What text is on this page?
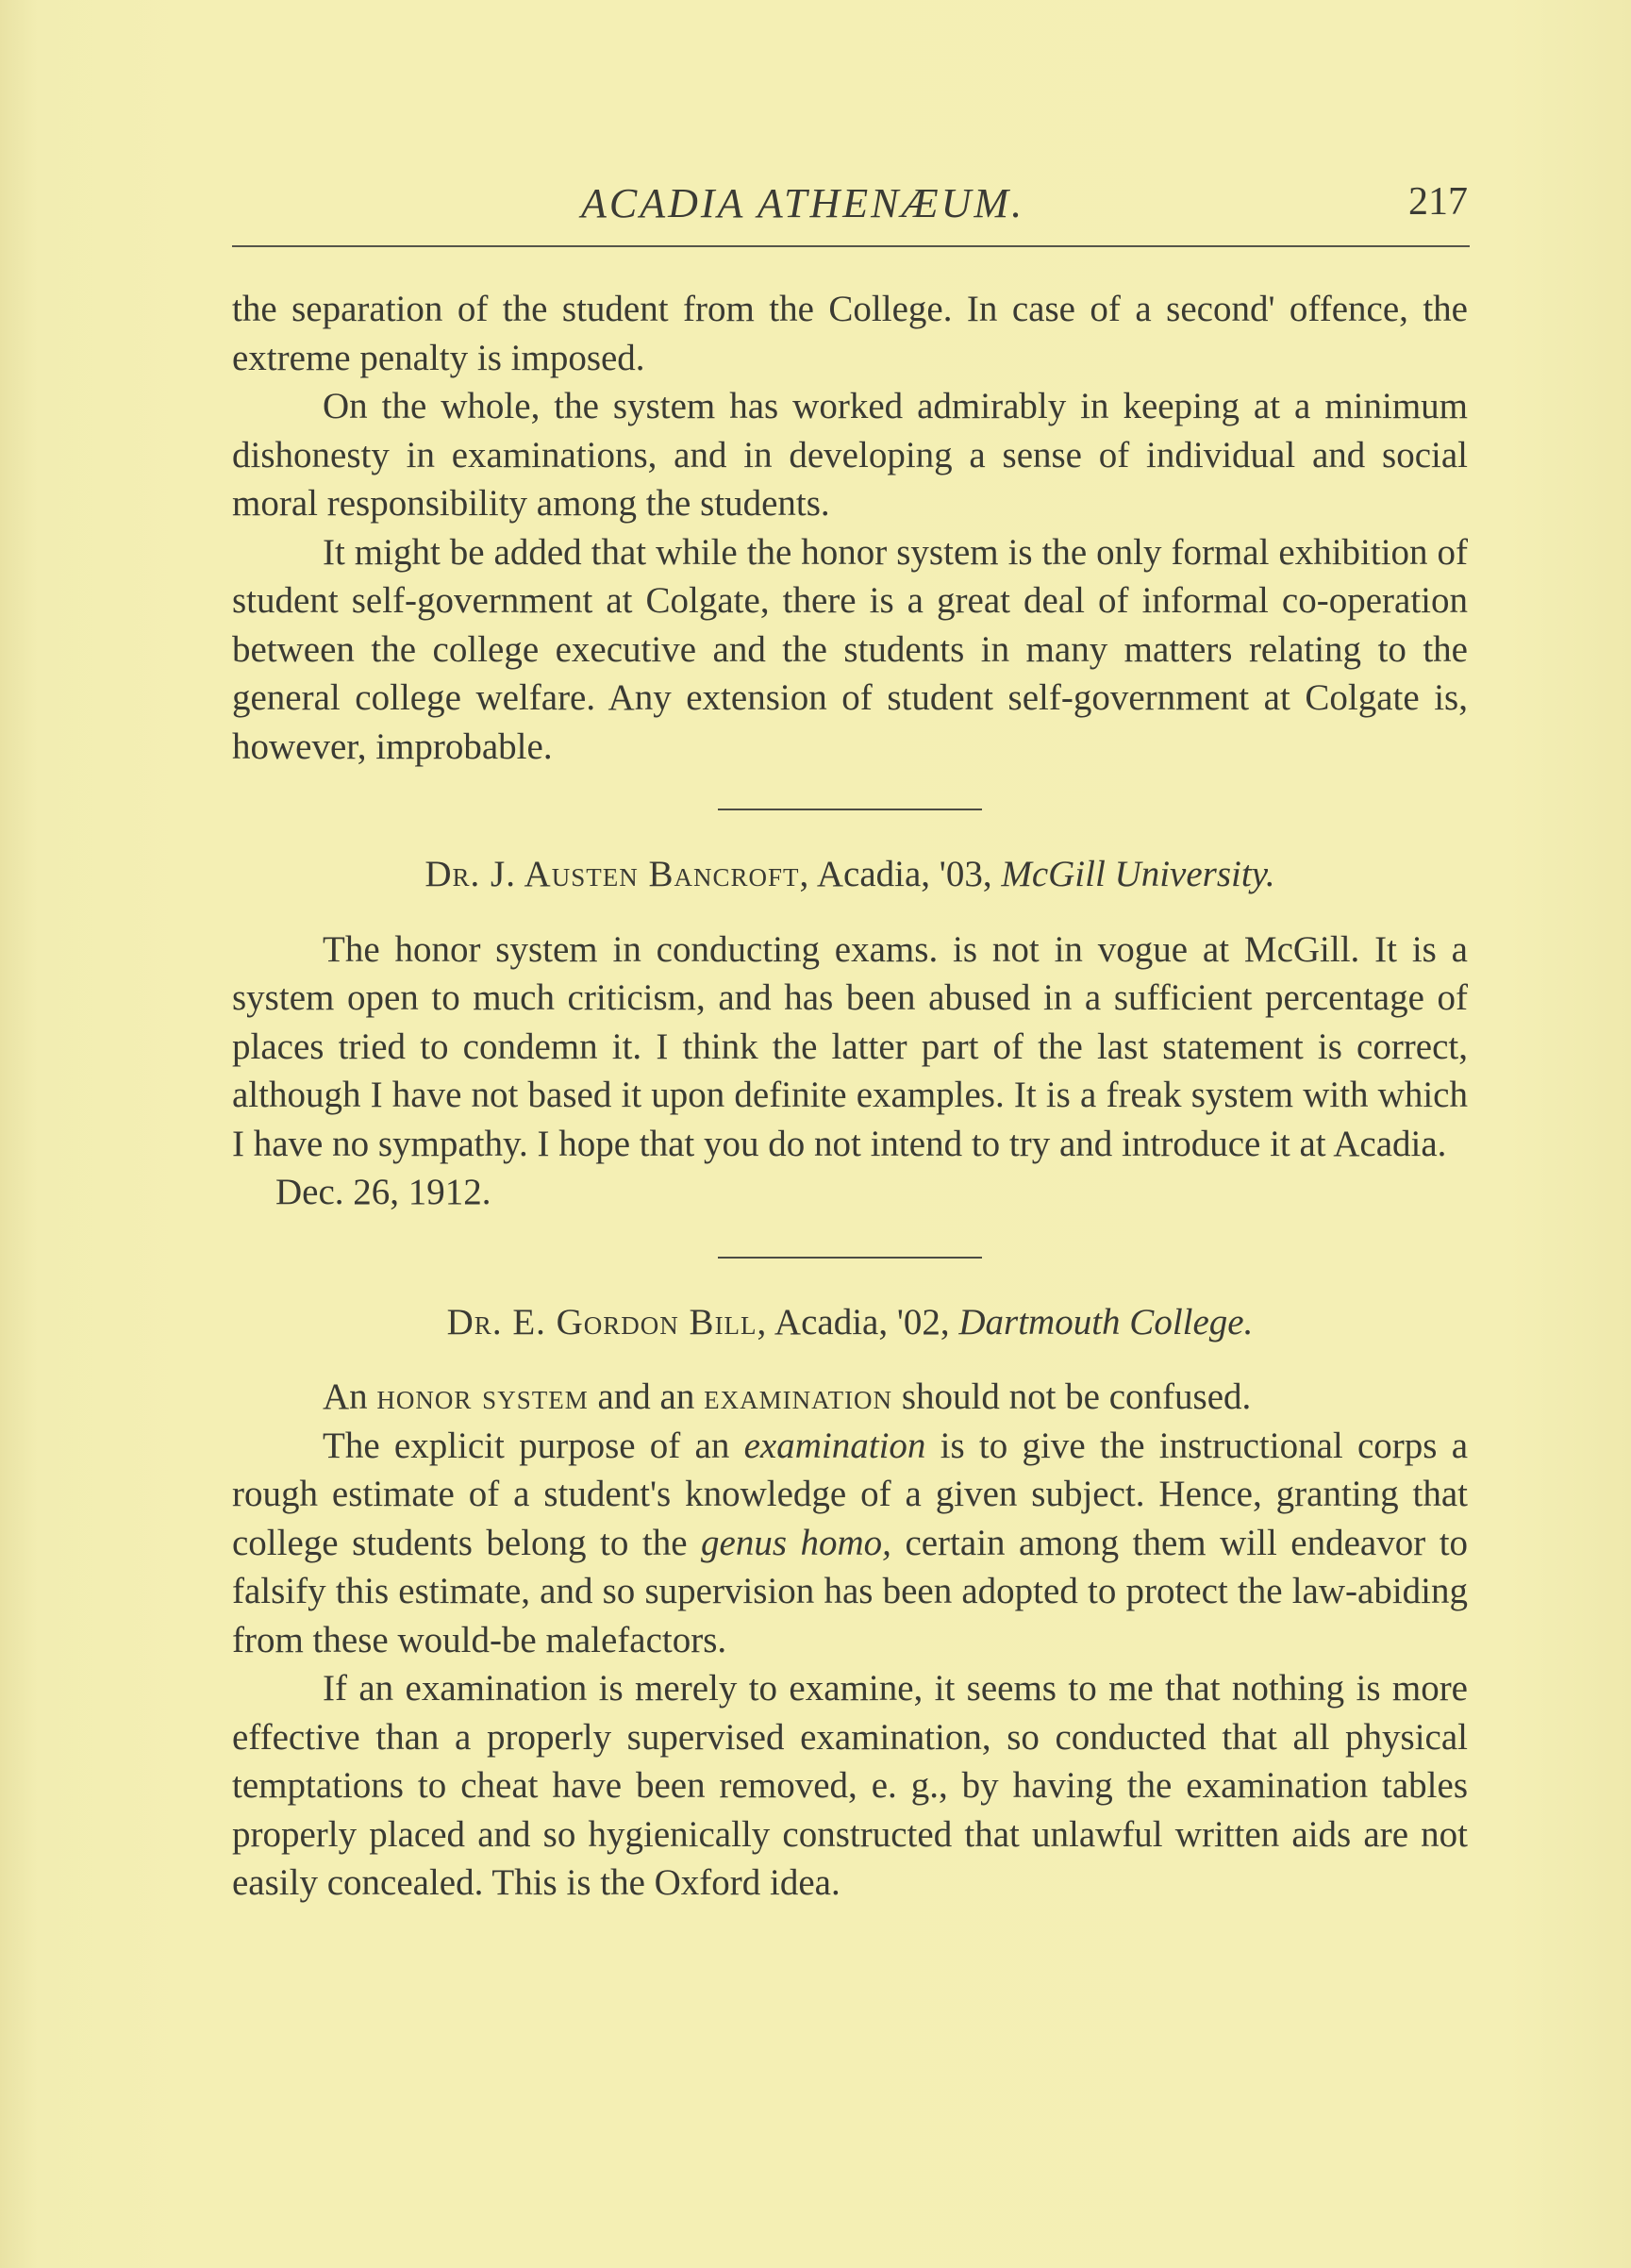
ACADIA ATHENÆUM.	217

the separation of the student from the College. In case of a second' offence, the extreme penalty is imposed.

On the whole, the system has worked admirably in keeping at a minimum dishonesty in examinations, and in developing a sense of individual and social moral responsibility among the students.

It might be added that while the honor system is the only formal exhibition of student self-government at Colgate, there is a great deal of informal co-operation between the college executive and the students in many matters relating to the general college welfare. Any extension of student self-government at Colgate is, however, improbable.

Dr. J. Austen Bancroft, Acadia, '03, McGill University.

The honor system in conducting exams. is not in vogue at McGill. It is a system open to much criticism, and has been abused in a sufficient percentage of places tried to condemn it. I think the latter part of the last statement is correct, although I have not based it upon definite examples. It is a freak system with which I have no sympathy. I hope that you do not intend to try and introduce it at Acadia.

Dec. 26, 1912.

Dr. E. Gordon Bill, Acadia, '02, Dartmouth College.

An honor system and an examination should not be confused.

The explicit purpose of an examination is to give the instructional corps a rough estimate of a student's knowledge of a given subject. Hence, granting that college students belong to the genus homo, certain among them will endeavor to falsify this estimate, and so supervision has been adopted to protect the law-abiding from these would-be malefactors.

If an examination is merely to examine, it seems to me that nothing is more effective than a properly supervised examination, so conducted that all physical temptations to cheat have been removed, e. g., by having the examination tables properly placed and so hygienically constructed that unlawful written aids are not easily concealed. This is the Oxford idea.
